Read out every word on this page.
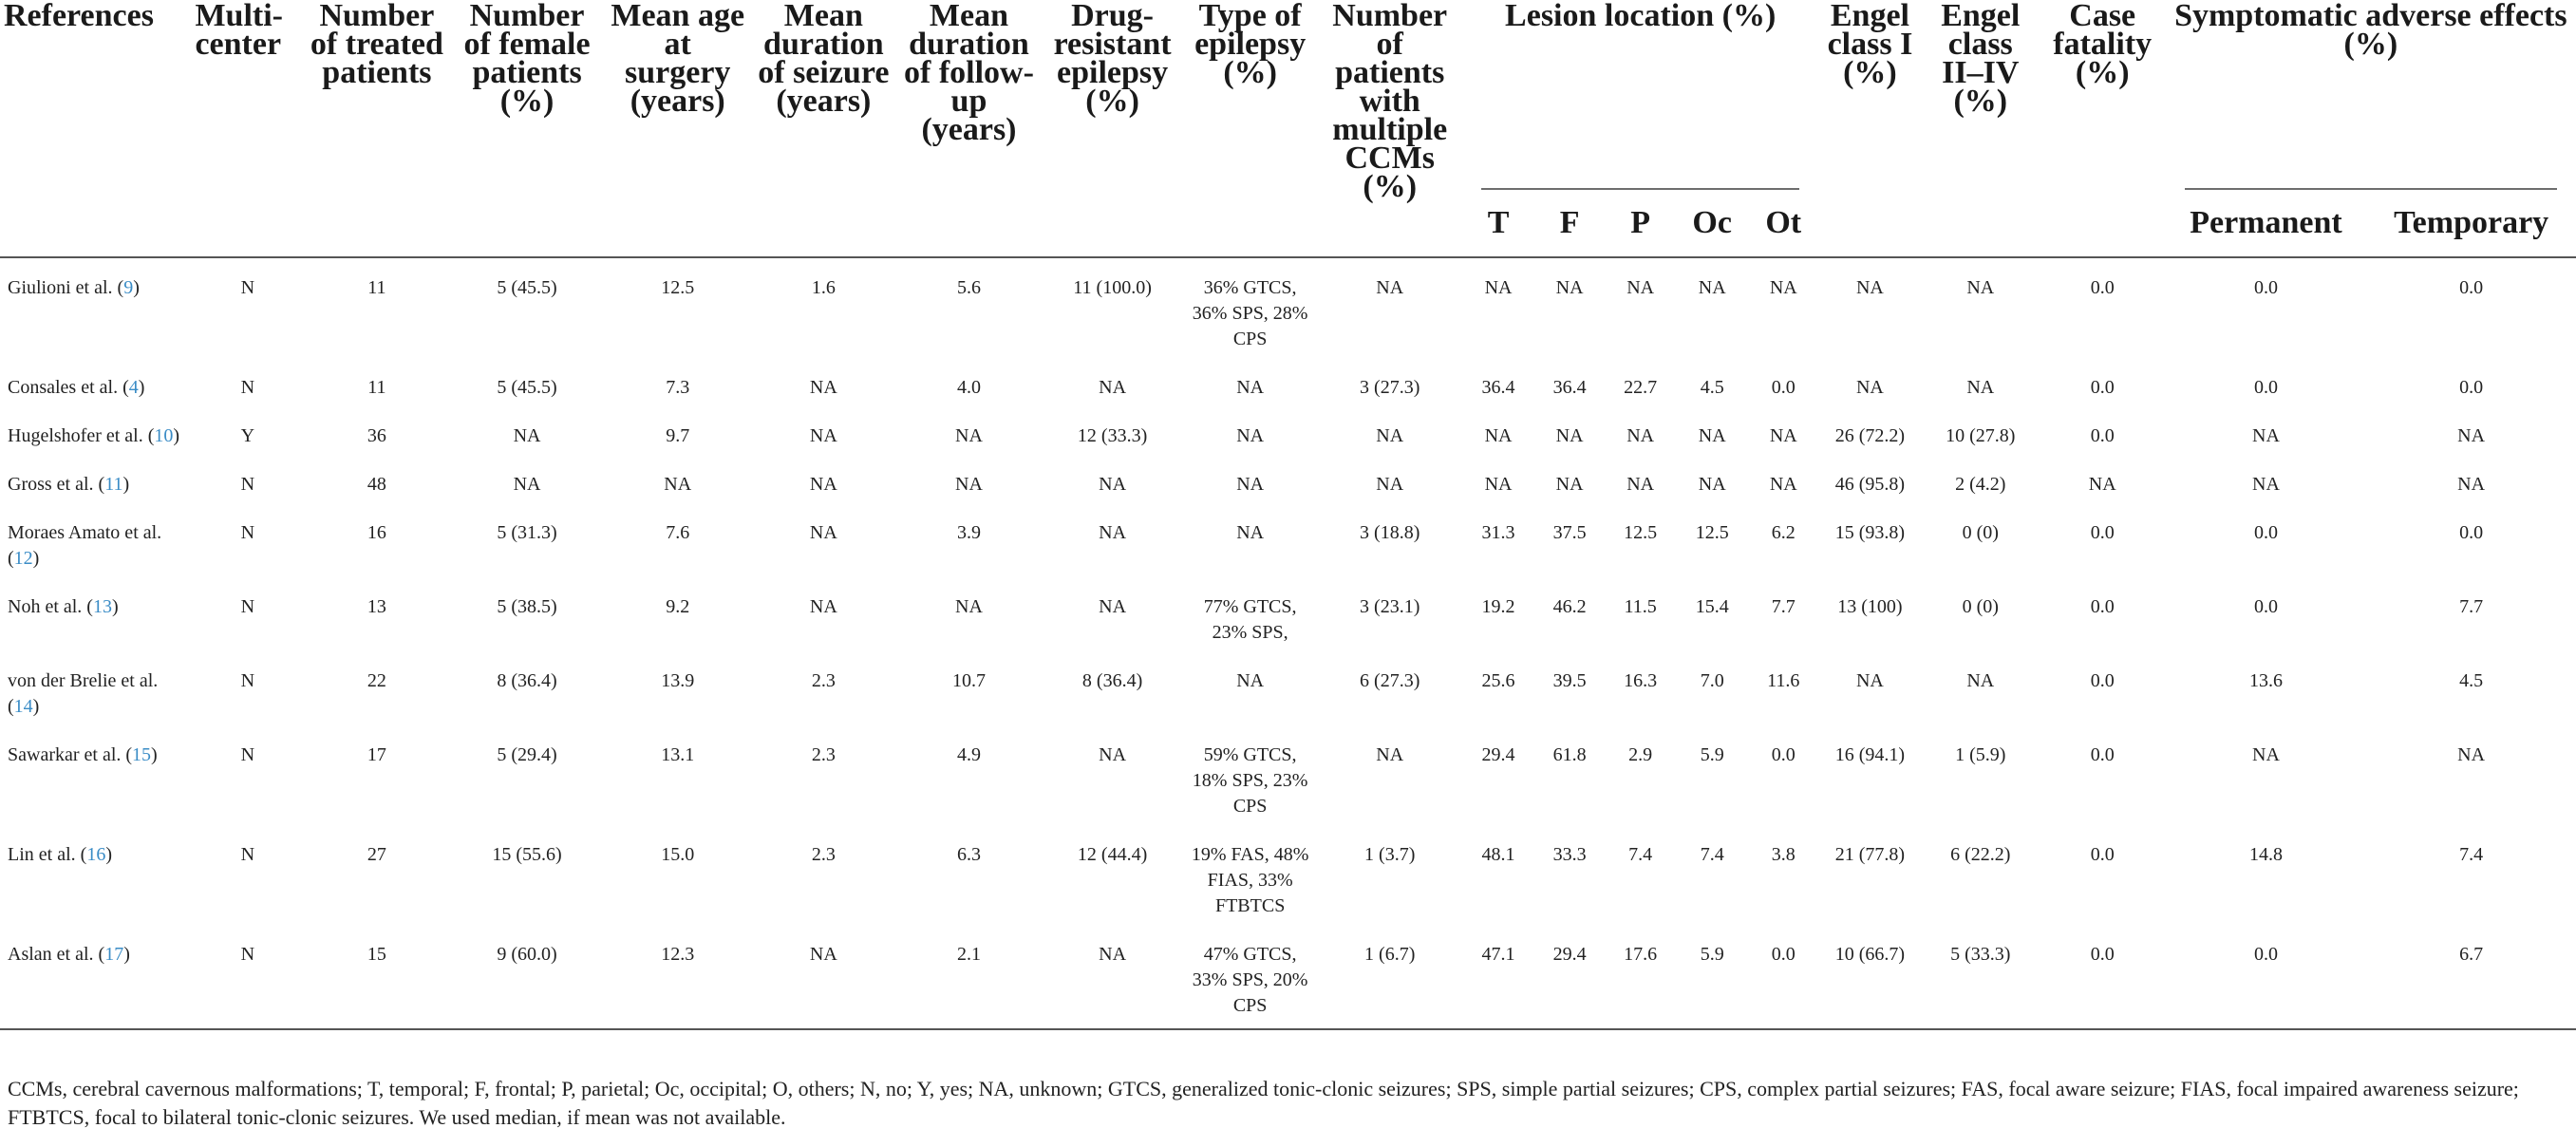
References	Multi-center	Number of treated patients	Number of female patients (%)	Mean age at surgery (years)	Mean duration of seizure (years)	Mean duration of follow-up (years)	Drug-resistant epilepsy (%)	Type of epilepsy (%)	Number of patients with multiple CCMs (%)	Lesion location (%)					Engel class I (%)	Engel class II–IV (%)	Case fatality (%)	Symptomatic adverse effects (%)	

										T	F	P	Oc	Ot				Permanent	Temporary
Giulioni et al. (9)	N	11	5 (45.5)	12.5	1.6	5.6	11 (100.0)	36% GTCS, 36% SPS, 28% CPS	NA	NA	NA	NA	NA	NA	NA	NA	0.0	0.0	0.0
Consales et al. (4)	N	11	5 (45.5)	7.3	NA	4.0	NA	NA	3 (27.3)	36.4	36.4	22.7	4.5	0.0	NA	NA	0.0	0.0	0.0
Hugelshofer et al. (10)	Y	36	NA	9.7	NA	NA	12 (33.3)	NA	NA	NA	NA	NA	NA	NA	26 (72.2)	10 (27.8)	0.0	NA	NA
Gross et al. (11)	N	48	NA	NA	NA	NA	NA	NA	NA	NA	NA	NA	NA	NA	46 (95.8)	2 (4.2)	NA	NA	NA
Moraes Amato et al. (12)	N	16	5 (31.3)	7.6	NA	3.9	NA	NA	3 (18.8)	31.3	37.5	12.5	12.5	6.2	15 (93.8)	0 (0)	0.0	0.0	0.0
Noh et al. (13)	N	13	5 (38.5)	9.2	NA	NA	NA	77% GTCS, 23% SPS,	3 (23.1)	19.2	46.2	11.5	15.4	7.7	13 (100)	0 (0)	0.0	0.0	7.7
von der Brelie et al. (14)	N	22	8 (36.4)	13.9	2.3	10.7	8 (36.4)	NA	6 (27.3)	25.6	39.5	16.3	7.0	11.6	NA	NA	0.0	13.6	4.5
Sawarkar et al. (15)	N	17	5 (29.4)	13.1	2.3	4.9	NA	59% GTCS, 18% SPS, 23% CPS	NA	29.4	61.8	2.9	5.9	0.0	16 (94.1)	1 (5.9)	0.0	NA	NA
Lin et al. (16)	N	27	15 (55.6)	15.0	2.3	6.3	12 (44.4)	19% FAS, 48% FIAS, 33% FTBTCS	1 (3.7)	48.1	33.3	7.4	7.4	3.8	21 (77.8)	6 (22.2)	0.0	14.8	7.4
Aslan et al. (17)	N	15	9 (60.0)	12.3	NA	2.1	NA	47% GTCS, 33% SPS, 20% CPS	1 (6.7)	47.1	29.4	17.6	5.9	0.0	10 (66.7)	5 (33.3)	0.0	0.0	6.7
CCMs, cerebral cavernous malformations; T, temporal; F, frontal; P, parietal; Oc, occipital; O, others; N, no; Y, yes; NA, unknown; GTCS, generalized tonic-clonic seizures; SPS, simple partial seizures; CPS, complex partial seizures; FAS, focal aware seizure; FIAS, focal impaired awareness seizure; FTBTCS, focal to bilateral tonic-clonic seizures. We used median, if mean was not available.
